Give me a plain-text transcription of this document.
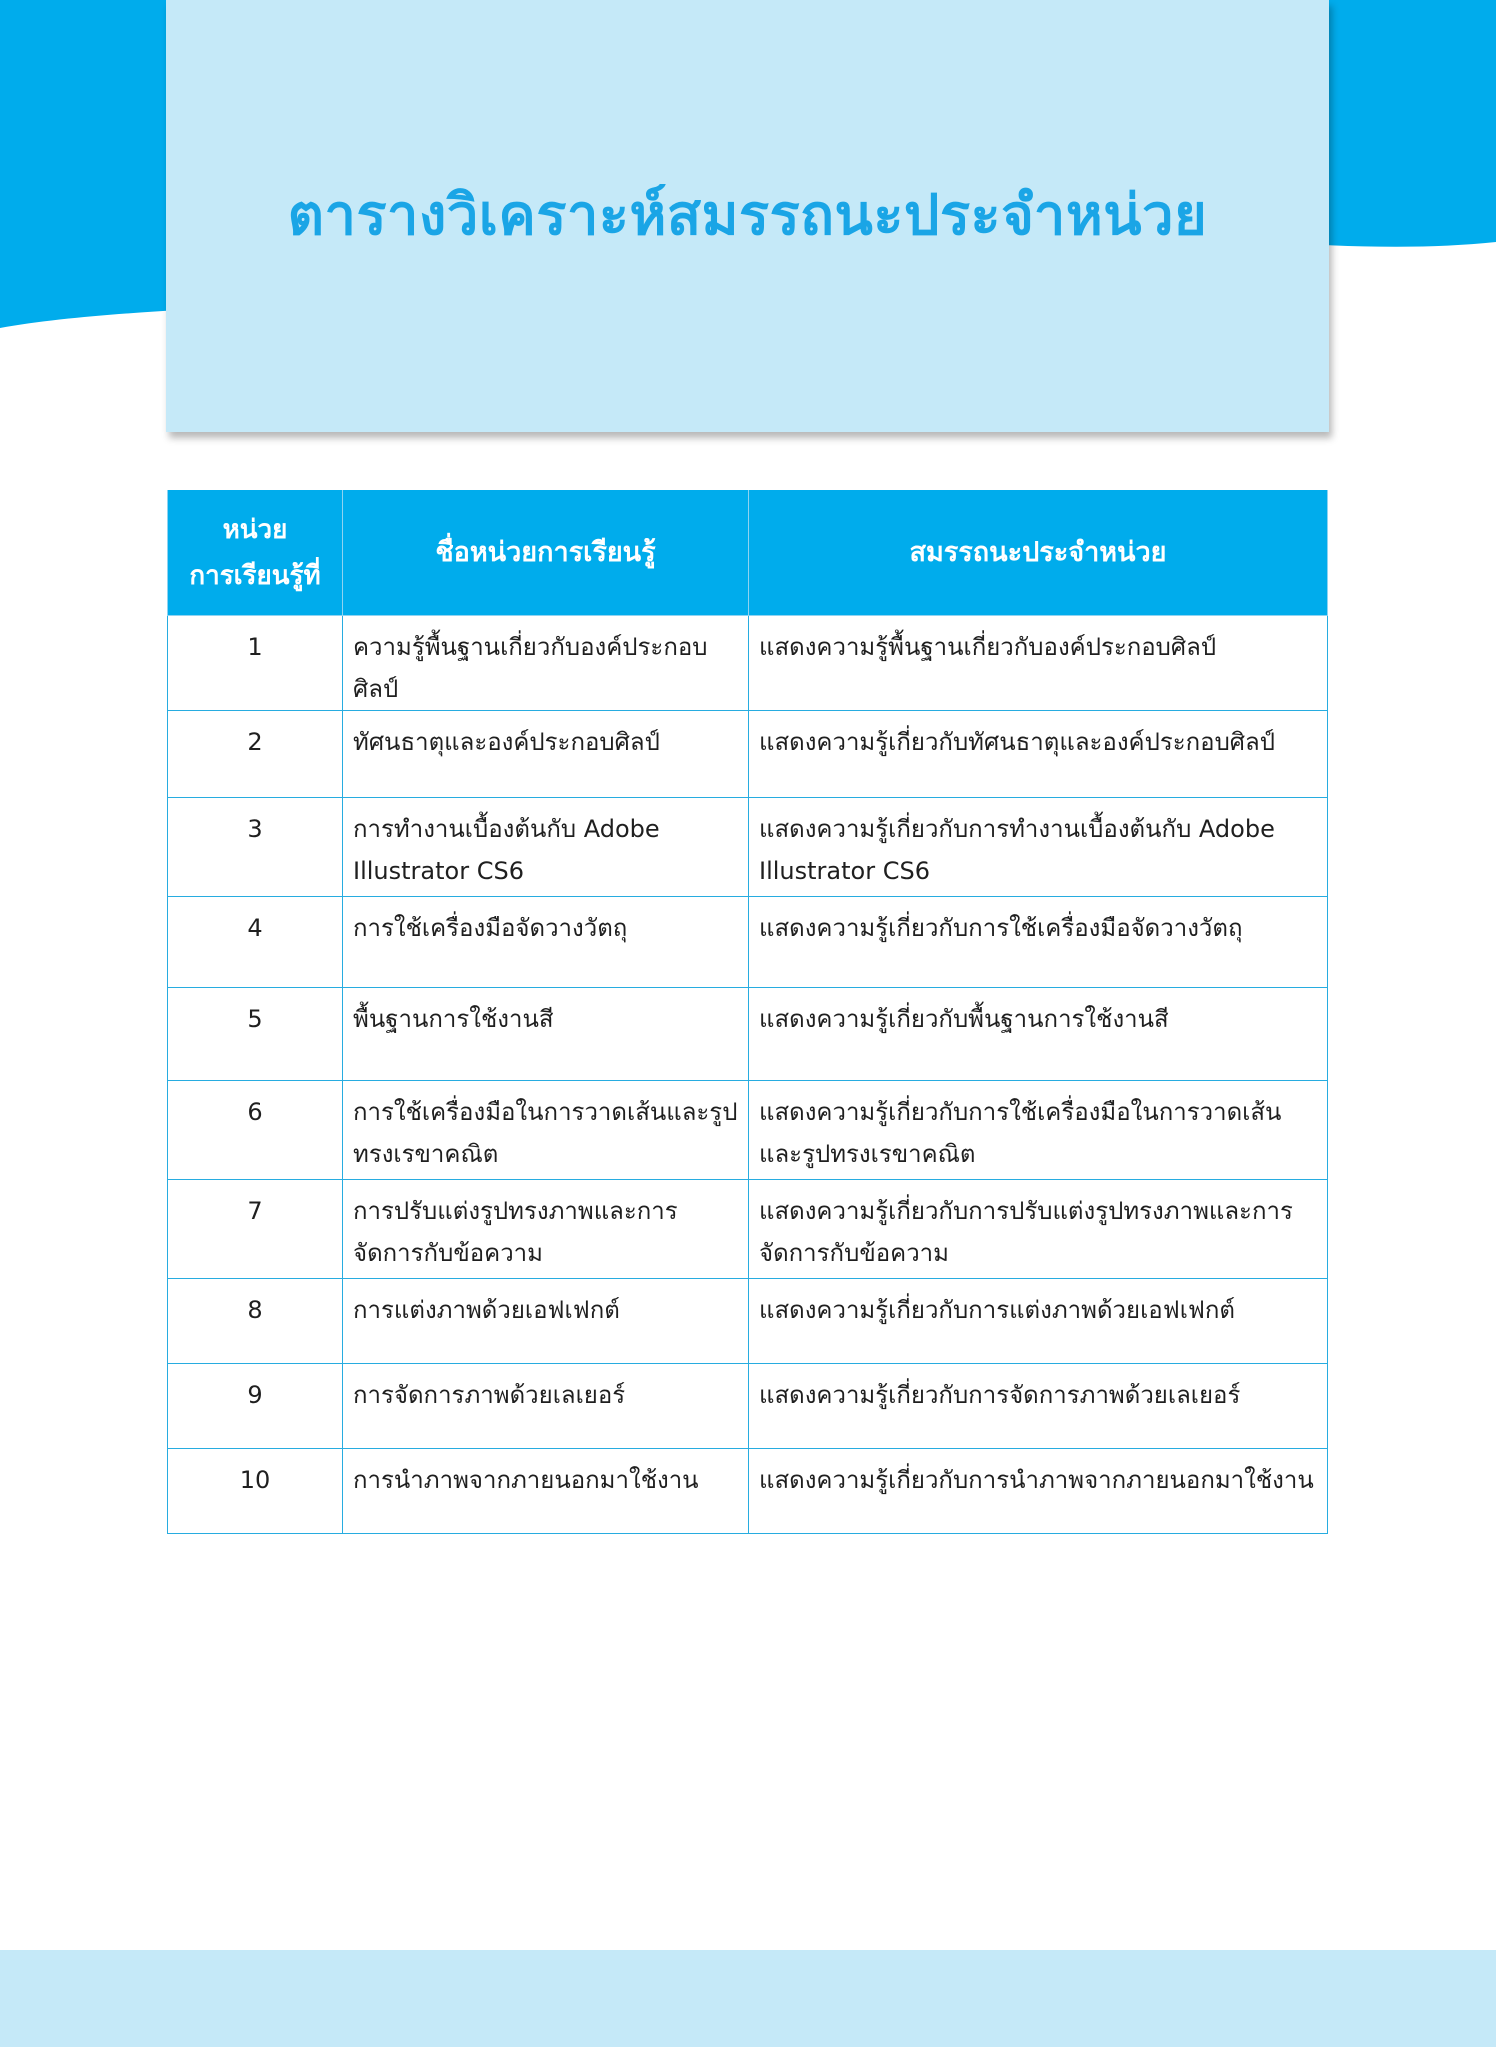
ตารางวิเคราะห์สมรรถนะประจำหน่วย
หน่วย
การเรียนรู้ที่	ชื่อหน่วยการเรียนรู้	สมรรถนะประจำหน่วย
1	ความรู้พื้นฐานเกี่ยวกับองค์ประกอบศิลป์	แสดงความรู้พื้นฐานเกี่ยวกับองค์ประกอบศิลป์
2	ทัศนธาตุและองค์ประกอบศิลป์	แสดงความรู้เกี่ยวกับทัศนธาตุและองค์ประกอบศิลป์
3	การทำงานเบื้องต้นกับ Adobe Illustrator CS6	แสดงความรู้เกี่ยวกับการทำงานเบื้องต้นกับ Adobe Illustrator CS6
4	การใช้เครื่องมือจัดวางวัตถุ	แสดงความรู้เกี่ยวกับการใช้เครื่องมือจัดวางวัตถุ
5	พื้นฐานการใช้งานสี	แสดงความรู้เกี่ยวกับพื้นฐานการใช้งานสี
6	การใช้เครื่องมือในการวาดเส้นและรูปทรงเรขาคณิต	แสดงความรู้เกี่ยวกับการใช้เครื่องมือในการวาดเส้นและรูปทรงเรขาคณิต
7	การปรับแต่งรูปทรงภาพและการจัดการกับข้อความ	แสดงความรู้เกี่ยวกับการปรับแต่งรูปทรงภาพและการจัดการกับข้อความ
8	การแต่งภาพด้วยเอฟเฟกต์	แสดงความรู้เกี่ยวกับการแต่งภาพด้วยเอฟเฟกต์
9	การจัดการภาพด้วยเลเยอร์	แสดงความรู้เกี่ยวกับการจัดการภาพด้วยเลเยอร์
10	การนำภาพจากภายนอกมาใช้งาน	แสดงความรู้เกี่ยวกับการนำภาพจากภายนอกมาใช้งาน
